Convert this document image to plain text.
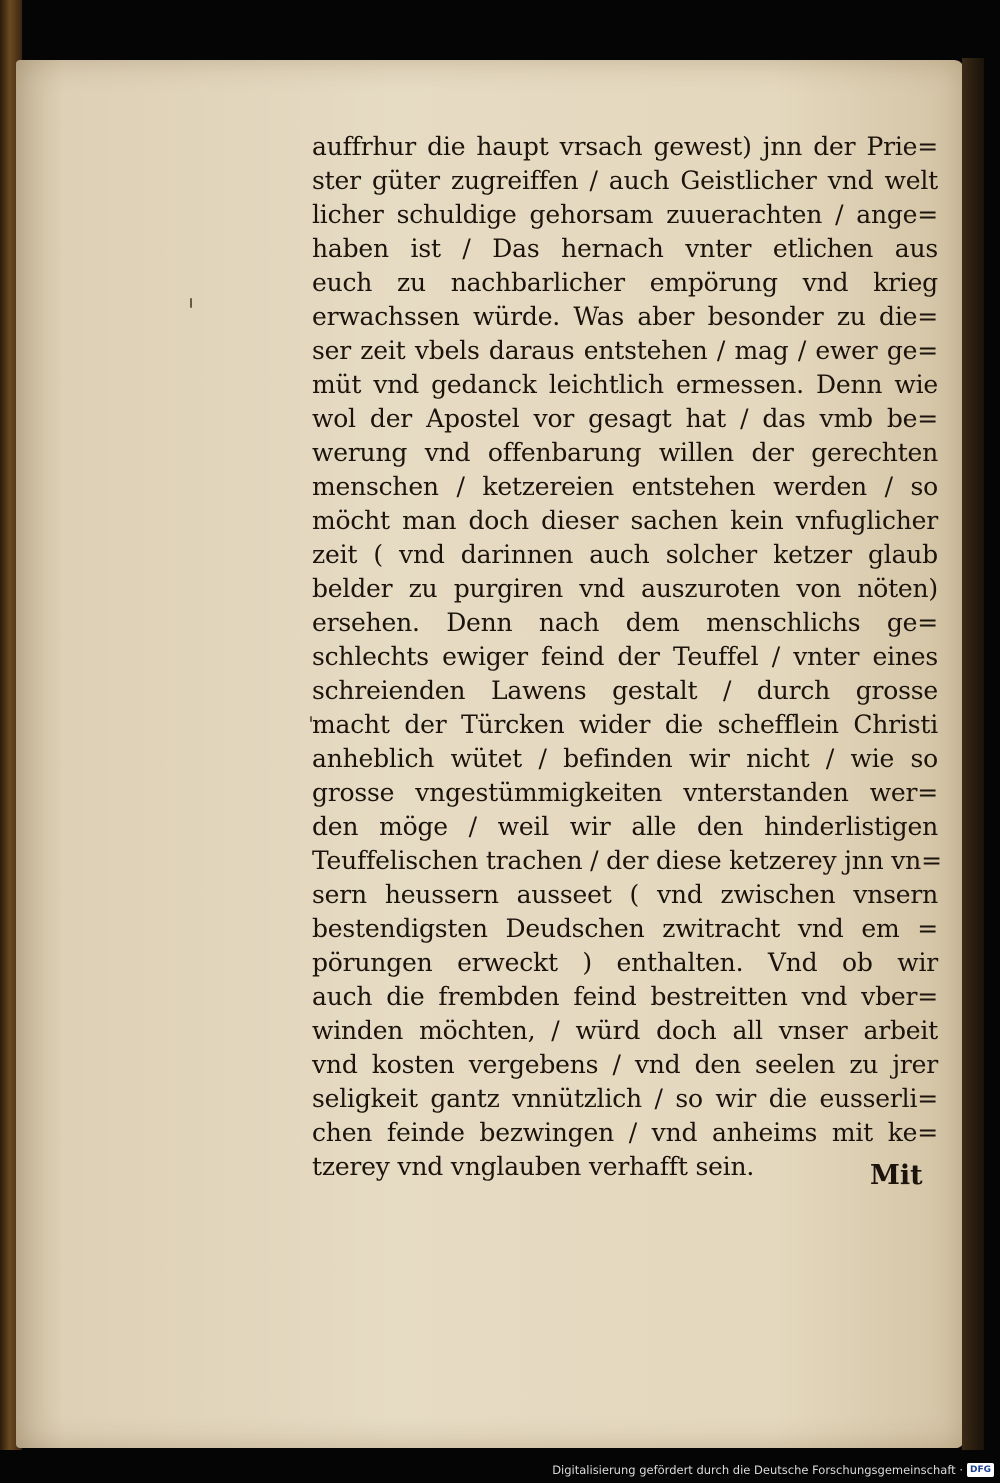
auffrhur die haupt vrsach gewest) jnn der Prie=
ster güter zugreiffen / auch Geistlicher vnd welt
licher schuldige gehorsam zuuerachten / ange=
haben ist / Das hernach vnter etlichen aus
euch zu nachbarlicher empörung vnd krieg
erwachssen würde. Was aber besonder zu die=
ser zeit vbels daraus entstehen / mag / ewer ge=
müt vnd gedanck leichtlich ermessen. Denn wie
wol der Apostel vor gesagt hat / das vmb be=
werung vnd offenbarung willen der gerechten
menschen / ketzereien entstehen werden / so
möcht man doch dieser sachen kein vnfuglicher
zeit ( vnd darinnen auch solcher ketzer glaub
belder zu purgiren vnd auszuroten von nöten)
ersehen. Denn nach dem menschlichs ge=
schlechts ewiger feind der Teuffel / vnter eines
schreienden Lawens gestalt / durch grosse
macht der Türcken wider die schefflein Christi
anheblich wütet / befinden wir nicht / wie so
grosse vngestümmigkeiten vnterstanden wer=
den möge / weil wir alle den hinderlistigen
Teuffelischen trachen / der diese ketzerey jnn vn=
sern heussern ausseet ( vnd zwischen vnsern
bestendigsten Deudschen zwitracht vnd em =
pörungen erweckt ) enthalten. Vnd ob wir
auch die frembden feind bestreitten vnd vber=
winden möchten, / würd doch all vnser arbeit
vnd kosten vergebens / vnd den seelen zu jrer
seligkeit gantz vnnützlich / so wir die eusserli=
chen feinde bezwingen / vnd anheims mit ke=
tzerey vnd vnglauben verhafft sein.	Mit
Digitalisierung gefördert durch die Deutsche Forschungsgemeinschaft · DFG
